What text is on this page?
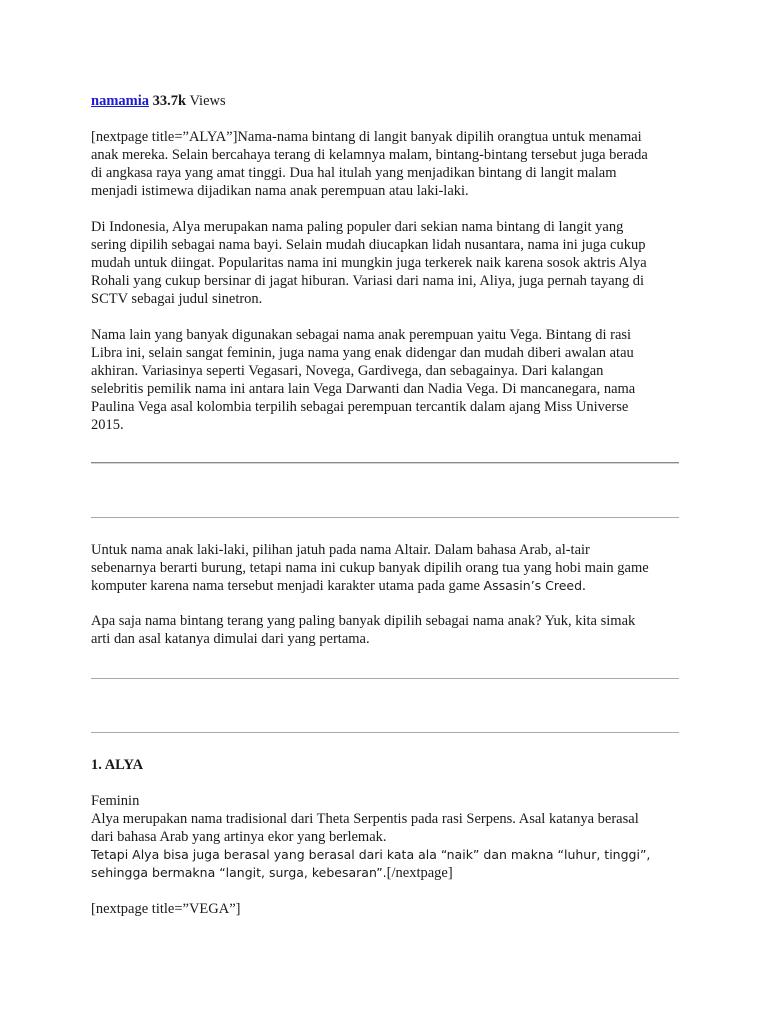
namamia 33.7k Views

[nextpage title=”ALYA”]Nama-nama bintang di langit banyak dipilih orangtua untuk menamai
anak mereka. Selain bercahaya terang di kelamnya malam, bintang-bintang tersebut juga berada
di angkasa raya yang amat tinggi. Dua hal itulah yang menjadikan bintang di langit malam
menjadi istimewa dijadikan nama anak perempuan atau laki-laki.

Di Indonesia, Alya merupakan nama paling populer dari sekian nama bintang di langit yang
sering dipilih sebagai nama bayi. Selain mudah diucapkan lidah nusantara, nama ini juga cukup
mudah untuk diingat. Popularitas nama ini mungkin juga terkerek naik karena sosok aktris Alya
Rohali yang cukup bersinar di jagat hiburan. Variasi dari nama ini, Aliya, juga pernah tayang di
SCTV sebagai judul sinetron.

Nama lain yang banyak digunakan sebagai nama anak perempuan yaitu Vega. Bintang di rasi
Libra ini, selain sangat feminin, juga nama yang enak didengar dan mudah diberi awalan atau
akhiran. Variasinya seperti Vegasari, Novega, Gardivega, dan sebagainya. Dari kalangan
selebritis pemilik nama ini antara lain Vega Darwanti dan Nadia Vega. Di mancanegara, nama
Paulina Vega asal kolombia terpilih sebagai perempuan tercantik dalam ajang Miss Universe
2015.

Untuk nama anak laki-laki, pilihan jatuh pada nama Altair. Dalam bahasa Arab, al-tair
sebenarnya berarti burung, tetapi nama ini cukup banyak dipilih orang tua yang hobi main game
komputer karena nama tersebut menjadi karakter utama pada game Assasin’s Creed.

Apa saja nama bintang terang yang paling banyak dipilih sebagai nama anak? Yuk, kita simak
arti dan asal katanya dimulai dari yang pertama.

1. ALYA

Feminin

Alya merupakan nama tradisional dari Theta Serpentis pada rasi Serpens. Asal katanya berasal
dari bahasa Arab yang artinya ekor yang berlemak.

Tetapi Alya bisa juga berasal yang berasal dari kata ala “naik” dan makna “luhur, tinggi”,
sehingga bermakna “langit, surga, kebesaran”.[/nextpage]

[nextpage title=”VEGA”]
